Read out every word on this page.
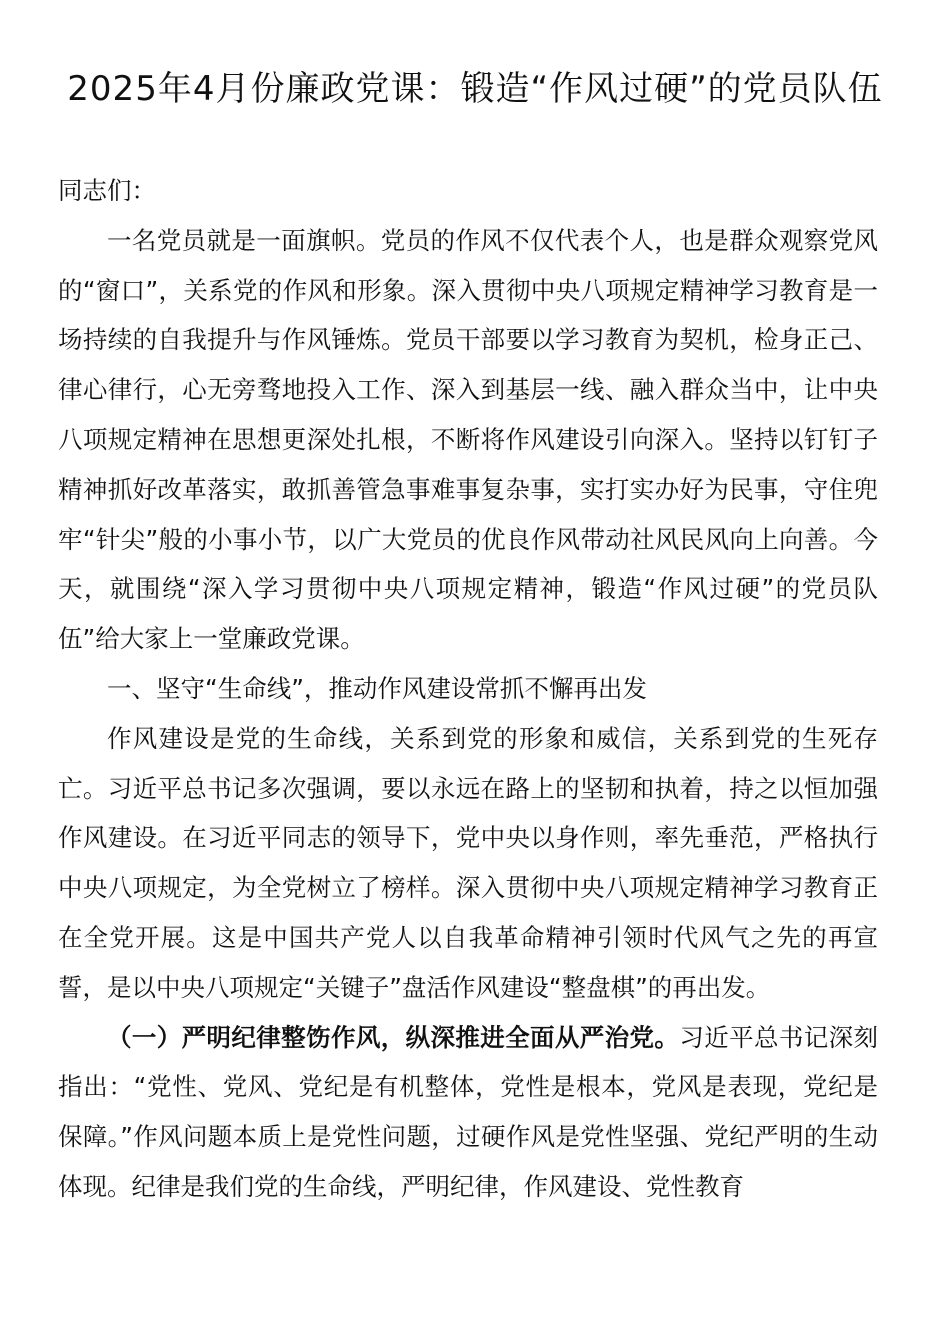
2025年4月份廉政党课：锻造“作风过硬”的党员队伍

同志们：

一名党员就是一面旗帜。党员的作风不仅代表个人，也是群众观察党风的“窗口”，关系党的作风和形象。深入贯彻中央八项规定精神学习教育是一场持续的自我提升与作风锤炼。党员干部要以学习教育为契机，检身正己、律心律行，心无旁骛地投入工作、深入到基层一线、融入群众当中，让中央八项规定精神在思想更深处扎根，不断将作风建设引向深入。坚持以钉钉子精神抓好改革落实，敢抓善管急事难事复杂事，实打实办好为民事，守住兜牢“针尖”般的小事小节，以广大党员的优良作风带动社风民风向上向善。今天，就围绕“深入学习贯彻中央八项规定精神，锻造“作风过硬”的党员队伍”给大家上一堂廉政党课。

一、坚守“生命线”，推动作风建设常抓不懈再出发

作风建设是党的生命线，关系到党的形象和威信，关系到党的生死存亡。习近平总书记多次强调，要以永远在路上的坚韧和执着，持之以恒加强作风建设。在习近平同志的领导下，党中央以身作则，率先垂范，严格执行中央八项规定，为全党树立了榜样。深入贯彻中央八项规定精神学习教育正在全党开展。这是中国共产党人以自我革命精神引领时代风气之先的再宣誓，是以中央八项规定“关键子”盘活作风建设“整盘棋”的再出发。

（一）严明纪律整饬作风，纵深推进全面从严治党。习近平总书记深刻指出：“党性、党风、党纪是有机整体，党性是根本，党风是表现，党纪是保障。”作风问题本质上是党性问题，过硬作风是党性坚强、党纪严明的生动体现。纪律是我们党的生命线，严明纪律，作风建设、党性教育
